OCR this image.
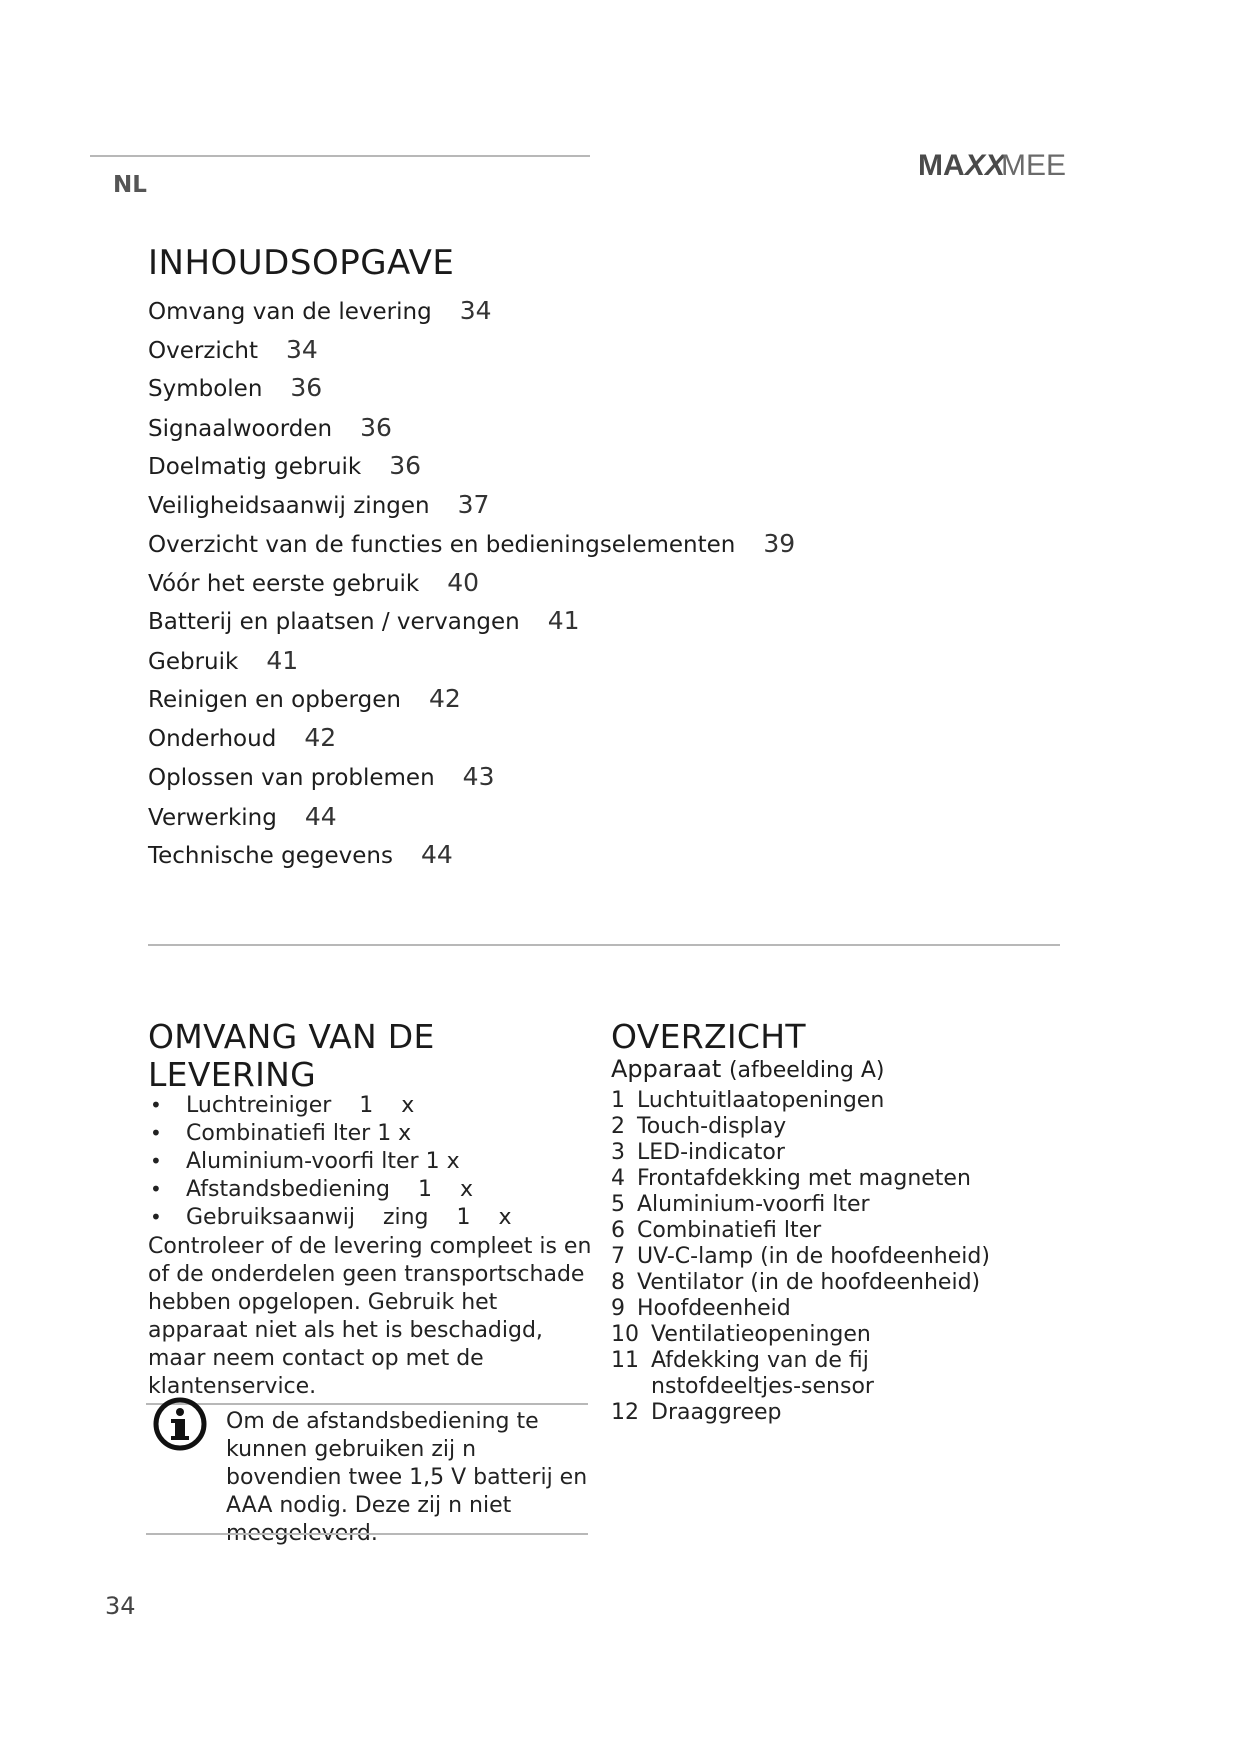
NL
MA XX
MEE
INHOUDSOPGAVE
Omvang van de levering 34
Overzicht 34
Symbolen 36
Signaalwoorden 36
Doelmatig gebruik 36
Veiligheidsaanwij zingen 37
Overzicht van de functies en bedieningselementen 39
Vóór het eerste gebruik 40
Batterij en plaatsen / vervangen 41
Gebruik 41
Reinigen en opbergen 42
Onderhoud 42
Oplossen van problemen 43
Verwerking 44
Technische gegevens 44
OMVANG VAN DE
LEVERING
• Luchtreiniger    1    x
• Combinatiefi lter 1 x
• Aluminium-voorfi lter 1 x
• Afstandsbediening    1    x
• Gebruiksaanwij    zing    1    x

Controleer of de levering compleet is en of de onderdelen geen transportschade hebben opgelopen. Gebruik het apparaat niet als het is beschadigd, maar neem contact op met de klantenservice.

Om de afstandsbediening te kunnen gebruiken zij n bovendien twee 1,5 V batterij en AAA nodig. Deze zij n niet meegeleverd.

OVERZICHT
Apparaat (afbeelding A)
1 Luchtuitlaatopeningen
2 Touch-display
3 LED-indicator
4 Frontafdekking met magneten
5 Aluminium-voorfi lter
6 Combinatiefi lter
7 UV-C-lamp (in de hoofdeenheid)
8 Ventilator (in de hoofdeenheid)
9 Hoofdeenheid
10 Ventilatieopeningen
11 Afdekking van de fij nstofdeeltjes-sensor
12 Draaggreep
34
